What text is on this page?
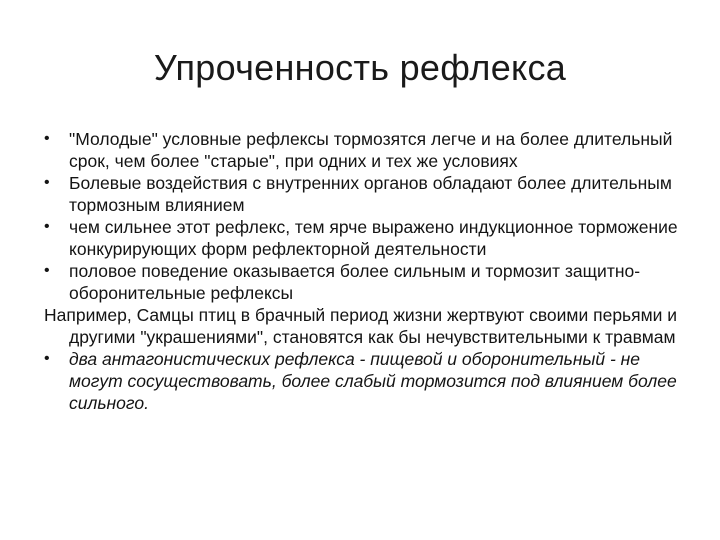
Упроченность рефлекса

•	"Молодые" условные рефлексы тормозятся легче и на более длительный срок, чем более "старые", при одних и тех же условиях

•	Болевые воздействия с внутренних органов обладают более длительным тормозным влиянием

•	чем сильнее этот рефлекс, тем ярче выражено индукционное торможение конкурирующих форм рефлекторной деятельности

•	половое поведение оказывается более сильным и тормозит защитно-оборонительные рефлексы

Например, Самцы птиц в брачный период жизни жертвуют своими перьями и другими "украшениями", становятся как бы нечувствительными к травмам

•	два антагонистических рефлекса - пищевой и оборонительный - не могут сосуществовать, более слабый тормозится под влиянием более сильного.
